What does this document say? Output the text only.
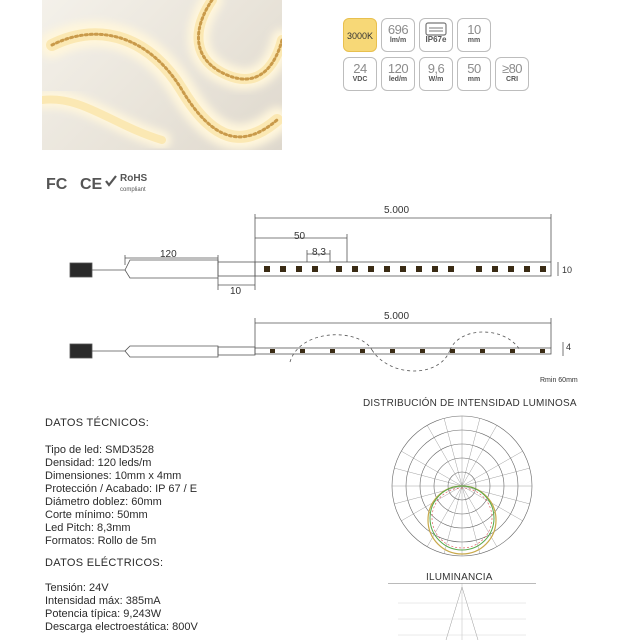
3000K	696
lm/m	IP67e
10
mm
24
VDC
120
led/m
9,6
W/m
50
mm
≥80
CRI
FC CE	RoHS
compliant
5.000
50
8,3
120
10
10
5.000
4
Rmin 60mm
DATOS TÉCNICOS:
Tipo de led: SMD3528
Densidad: 120 leds/m
Dimensiones: 10mm x 4mm
Protección / Acabado: IP 67 / E
Diámetro doblez: 60mm
Corte mínimo: 50mm
Led Pitch: 8,3mm
Formatos: Rollo de 5m
DATOS ELÉCTRICOS:
Tensión: 24V
Intensidad máx: 385mA
Potencia típica: 9,243W
Descarga electroestática: 800V
DISTRIBUCIÓN DE INTENSIDAD LUMINOSA
ILUMINANCIA
